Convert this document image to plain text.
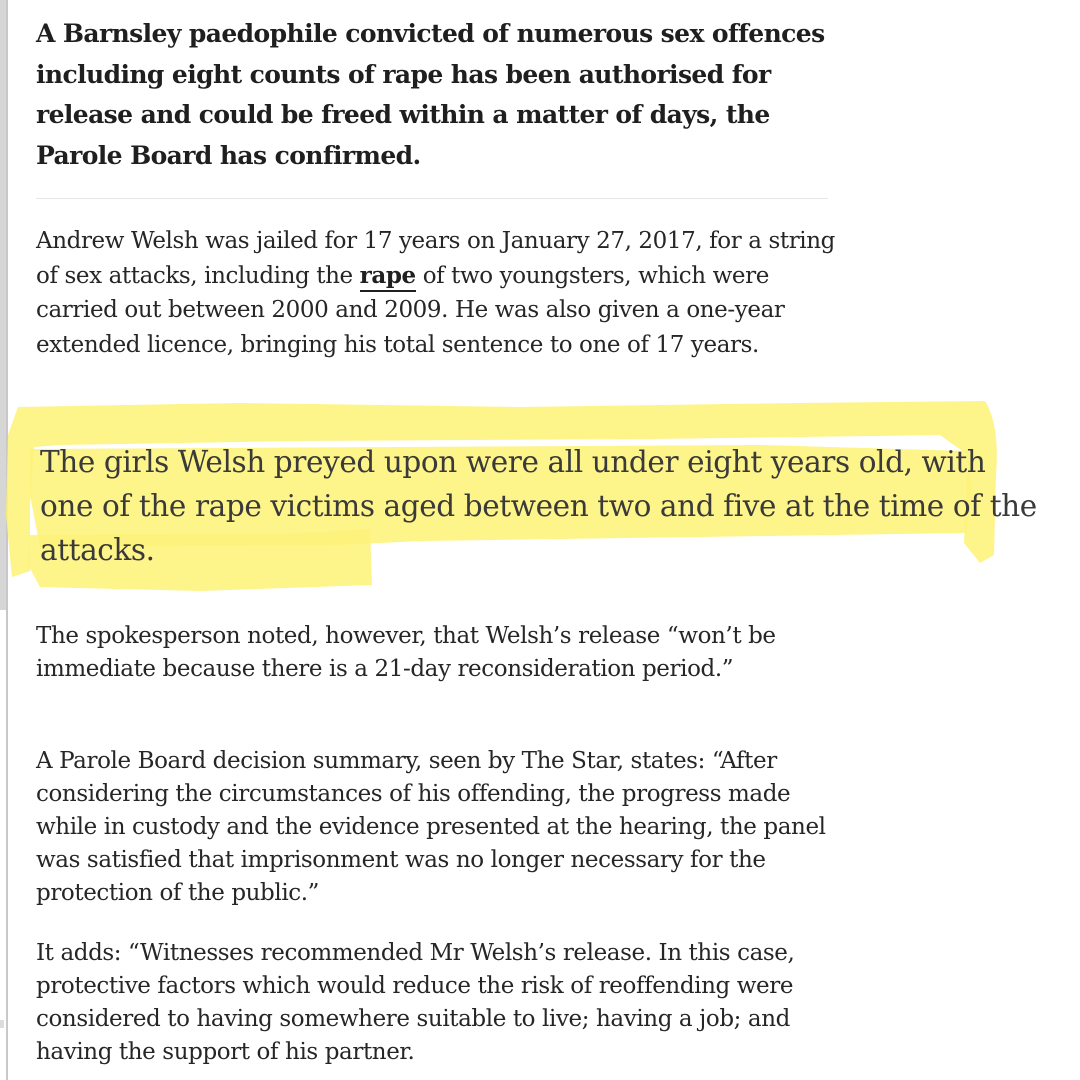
A Barnsley paedophile convicted of numerous sex offences including eight counts of rape has been authorised for release and could be freed within a matter of days, the Parole Board has confirmed.

Andrew Welsh was jailed for 17 years on January 27, 2017, for a string of sex attacks, including the rape of two youngsters, which were carried out between 2000 and 2009. He was also given a one-year extended licence, bringing his total sentence to one of 17 years.

The girls Welsh preyed upon were all under eight years old, with one of the rape victims aged between two and five at the time of the attacks.

The spokesperson noted, however, that Welsh’s release “won’t be immediate because there is a 21-day reconsideration period.”

A Parole Board decision summary, seen by The Star, states: “After considering the circumstances of his offending, the progress made while in custody and the evidence presented at the hearing, the panel was satisfied that imprisonment was no longer necessary for the protection of the public.”

It adds: “Witnesses recommended Mr Welsh’s release. In this case, protective factors which would reduce the risk of reoffending were considered to having somewhere suitable to live; having a job; and having the support of his partner.
